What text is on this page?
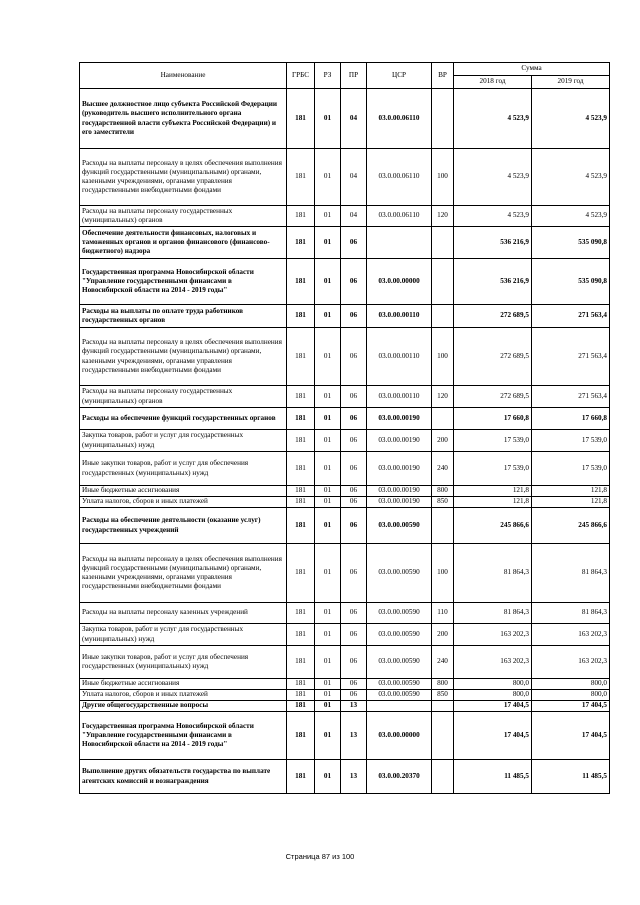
Наименование	ГРБС	РЗ	ПР	ЦСР	ВР	Сумма	
						2018 год	2019 год
Высшее должностное лицо субъекта Российской Федерации (руководитель высшего исполнительного органа государственной власти субъекта Российской Федерации) и его заместители	181	01	04	03.0.00.06110		4 523,9	4 523,9
Расходы на выплаты персоналу в целях обеспечения выполнения функций государственными (муниципальными) органами, казенными учреждениями, органами управления государственными внебюджетными фондами	181	01	04	03.0.00.06110	100	4 523,9	4 523,9
Расходы на выплаты персоналу государственных (муниципальных) органов	181	01	04	03.0.00.06110	120	4 523,9	4 523,9
Обеспечение деятельности финансовых, налоговых и таможенных органов и органов финансового (финансово-бюджетного) надзора	181	01	06			536 216,9	535 090,8
Государственная программа Новосибирской области "Управление государственными финансами в Новосибирской области на 2014 - 2019 годы"	181	01	06	03.0.00.00000		536 216,9	535 090,8
Расходы на выплаты по оплате труда работников государственных органов	181	01	06	03.0.00.00110		272 689,5	271 563,4
Расходы на выплаты персоналу в целях обеспечения выполнения функций государственными (муниципальными) органами, казенными учреждениями, органами управления государственными внебюджетными фондами	181	01	06	03.0.00.00110	100	272 689,5	271 563,4
Расходы на выплаты персоналу государственных (муниципальных) органов	181	01	06	03.0.00.00110	120	272 689,5	271 563,4
Расходы на обеспечение функций государственных органов	181	01	06	03.0.00.00190		17 660,8	17 660,8
Закупка товаров, работ и услуг для государственных (муниципальных) нужд	181	01	06	03.0.00.00190	200	17 539,0	17 539,0
Иные закупки товаров, работ и услуг для обеспечения государственных (муниципальных) нужд	181	01	06	03.0.00.00190	240	17 539,0	17 539,0
Иные бюджетные ассигнования	181	01	06	03.0.00.00190	800	121,8	121,8
Уплата налогов, сборов и иных платежей	181	01	06	03.0.00.00190	850	121,8	121,8
Расходы на обеспечение деятельности (оказание услуг) государственных учреждений	181	01	06	03.0.00.00590		245 866,6	245 866,6
Расходы на выплаты персоналу в целях обеспечения выполнения функций государственными (муниципальными) органами, казенными учреждениями, органами управления государственными внебюджетными фондами	181	01	06	03.0.00.00590	100	81 864,3	81 864,3
Расходы на выплаты персоналу казенных учреждений	181	01	06	03.0.00.00590	110	81 864,3	81 864,3
Закупка товаров, работ и услуг для государственных (муниципальных) нужд	181	01	06	03.0.00.00590	200	163 202,3	163 202,3
Иные закупки товаров, работ и услуг для обеспечения государственных (муниципальных) нужд	181	01	06	03.0.00.00590	240	163 202,3	163 202,3
Иные бюджетные ассигнования	181	01	06	03.0.00.00590	800	800,0	800,0
Уплата налогов, сборов и иных платежей	181	01	06	03.0.00.00590	850	800,0	800,0
Другие общегосударственные вопросы	181	01	13			17 404,5	17 404,5
Государственная программа Новосибирской области "Управление государственными финансами в Новосибирской области на 2014 - 2019 годы"	181	01	13	03.0.00.00000		17 404,5	17 404,5
Выполнение других обязательств государства по выплате агентских комиссий и вознаграждения	181	01	13	03.0.00.20370		11 485,5	11 485,5
Страница 87 из 100
